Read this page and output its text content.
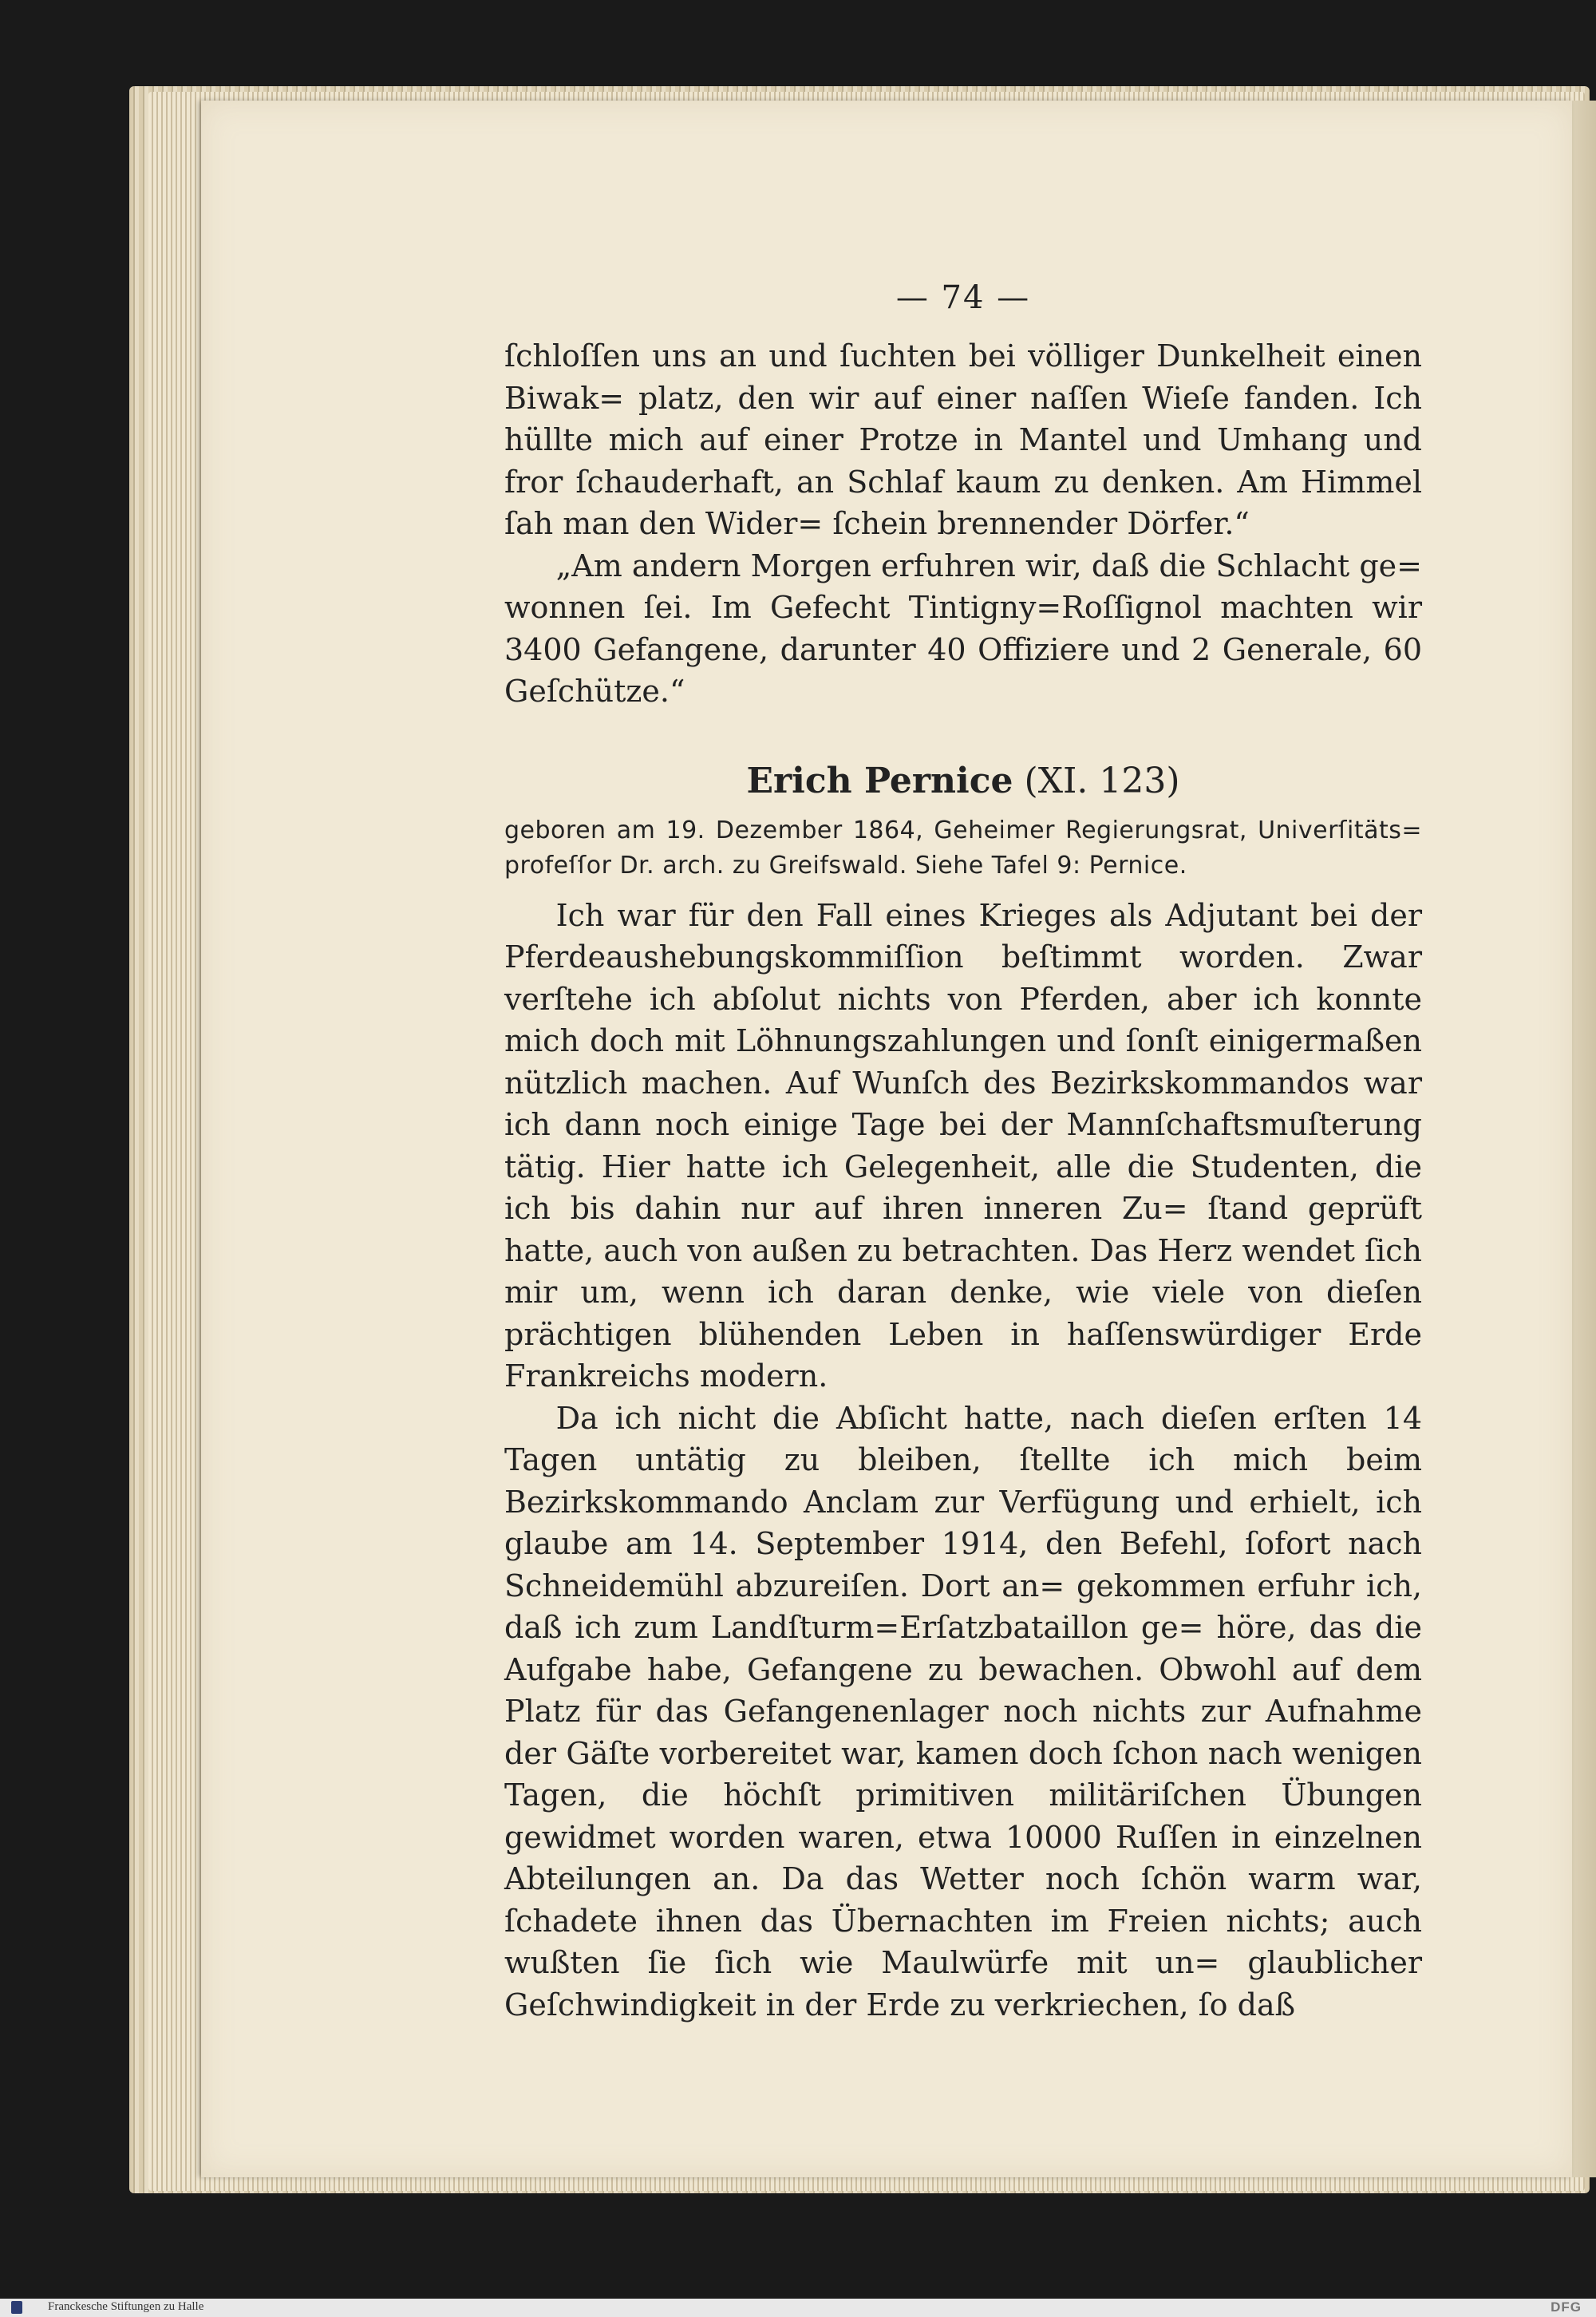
— 74 —

ſchloſſen uns an und ſuchten bei völliger Dunkelheit einen Biwak= platz, den wir auf einer naſſen Wieſe fanden. Ich hüllte mich auf einer Protze in Mantel und Umhang und fror ſchauderhaft, an Schlaf kaum zu denken. Am Himmel ſah man den Wider= ſchein brennender Dörfer.“

„Am andern Morgen erfuhren wir, daß die Schlacht ge= wonnen ſei. Im Gefecht Tintigny=Roſſignol machten wir 3400 Gefangene, darunter 40 Offiziere und 2 Generale, 60 Geſchütze.“

Erich Pernice (XI. 123)

geboren am 19. Dezember 1864, Geheimer Regierungsrat, Univerſitäts= profeſſor Dr. arch. zu Greifswald. Siehe Tafel 9: Pernice.

Ich war für den Fall eines Krieges als Adjutant bei der Pferdeaushebungskommiſſion beſtimmt worden. Zwar verſtehe ich abſolut nichts von Pferden, aber ich konnte mich doch mit Löhnungszahlungen und ſonſt einigermaßen nützlich machen. Auf Wunſch des Bezirkskommandos war ich dann noch einige Tage bei der Mannſchaftsmuſterung tätig. Hier hatte ich Gelegenheit, alle die Studenten, die ich bis dahin nur auf ihren inneren Zu= ſtand geprüft hatte, auch von außen zu betrachten. Das Herz wendet ſich mir um, wenn ich daran denke, wie viele von dieſen prächtigen blühenden Leben in haſſenswürdiger Erde Frankreichs modern.

Da ich nicht die Abſicht hatte, nach dieſen erſten 14 Tagen untätig zu bleiben, ſtellte ich mich beim Bezirkskommando Anclam zur Verfügung und erhielt, ich glaube am 14. September 1914, den Befehl, ſofort nach Schneidemühl abzureiſen. Dort an= gekommen erfuhr ich, daß ich zum Landſturm=Erſatzbataillon ge= höre, das die Aufgabe habe, Gefangene zu bewachen. Obwohl auf dem Platz für das Gefangenenlager noch nichts zur Aufnahme der Gäſte vorbereitet war, kamen doch ſchon nach wenigen Tagen, die höchſt primitiven militäriſchen Übungen gewidmet worden waren, etwa 10000 Ruſſen in einzelnen Abteilungen an. Da das Wetter noch ſchön warm war, ſchadete ihnen das Übernachten im Freien nichts; auch wußten ſie ſich wie Maulwürfe mit un= glaublicher Geſchwindigkeit in der Erde zu verkriechen, ſo daß

Franckesche Stiftungen zu Halle	DFG
